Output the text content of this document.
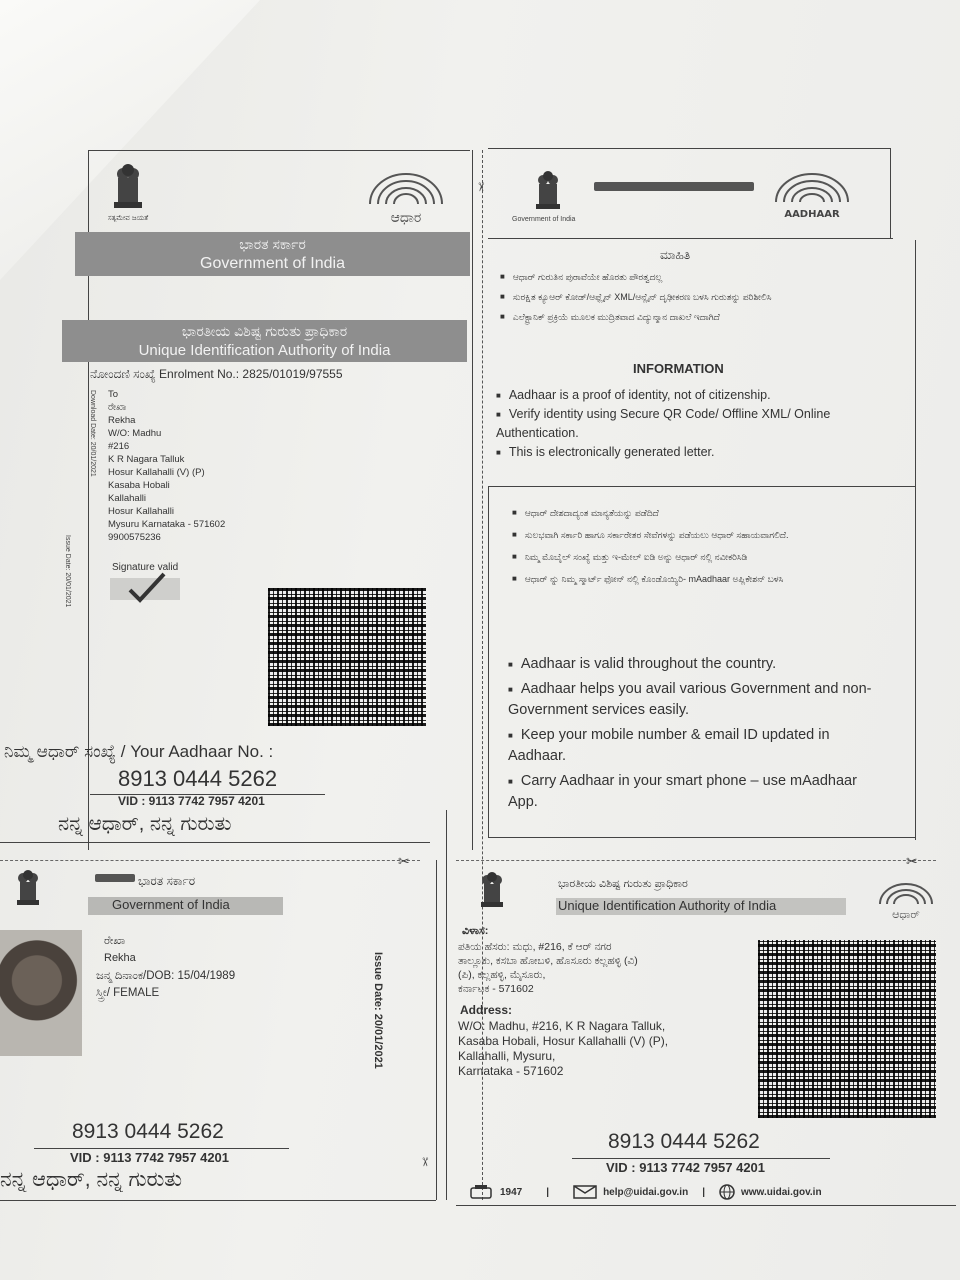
ಸತ್ಯಮೇವ ಜಯತೆ	ಆಧಾರ
ಭಾರತ ಸರ್ಕಾರ
Government of India
ಭಾರತೀಯ ವಿಶಿಷ್ಟ ಗುರುತು ಪ್ರಾಧಿಕಾರ
Unique Identification Authority of India
ನೋಂದಣಿ ಸಂಖ್ಯೆ Enrolment No.: 2825/01019/97555
Download Date: 20/01/2021
Issue Date: 20/01/2021
To
ರೇಖಾ
Rekha
W/O: Madhu
#216
K R Nagara Talluk
Hosur Kallahalli (V) (P)
Kasaba Hobali
Kallahalli
Hosur Kallahalli
Mysuru Karnataka - 571602
9900575236
Signature valid
ನಿಮ್ಮ ಆಧಾರ್ ಸಂಖ್ಯೆ / Your Aadhaar No. :
8913 0444 5262
VID : 9113 7742 7957 4201
ನನ್ನ ಆಧಾರ್, ನನ್ನ ಗುರುತು
Government of India	AADHAAR
ಮಾಹಿತಿ
■ ಆಧಾರ್ ಗುರುತಿನ ಪುರಾವೆಯೇ ಹೊರತು ಪೌರತ್ವದಲ್ಲ
■ ಸುರಕ್ಷಿತ ಕ್ಯೂಆರ್ ಕೋಡ್/ಆಫ್ಲೈನ್ XML/ಆನ್ಲೈನ್ ದೃಢೀಕರಣ ಬಳಸಿ ಗುರುತನ್ನು ಪರಿಶೀಲಿಸಿ
■ ಎಲೆಕ್ಟ್ರಾನಿಕ್ ಪ್ರಕ್ರಿಯೆ ಮೂಲಕ ಮುದ್ರಿತವಾದ ವಿದ್ಯುನ್ಮಾನ ದಾಖಲೆ ಇದಾಗಿದೆ
INFORMATION
■ Aadhaar is a proof of identity, not of citizenship.
■ Verify identity using Secure QR Code/ Offline XML/ Online Authentication.
■ This is electronically generated letter.
■ ಆಧಾರ್ ದೇಶದಾದ್ಯಂತ ಮಾನ್ಯತೆಯನ್ನು ಪಡೆದಿದೆ
■ ಸುಲಭವಾಗಿ ಸರ್ಕಾರಿ ಹಾಗೂ ಸರ್ಕಾರೇತರ ಸೇವೆಗಳನ್ನು ಪಡೆಯಲು ಆಧಾರ್ ಸಹಾಯವಾಗಲಿದೆ.
■ ನಿಮ್ಮ ಮೊಬೈಲ್ ಸಂಖ್ಯೆ ಮತ್ತು ಇ-ಮೇಲ್ ಐಡಿ ಅನ್ನು ಆಧಾರ್ ನಲ್ಲಿ ನವೀಕರಿಸಿಡಿ
■ ಆಧಾರ್ ನ್ನು ನಿಮ್ಮ ಸ್ಮಾರ್ಟ್ ಫೋನ್ ನಲ್ಲಿ ಕೊಂಡೊಯ್ಯಿರಿ- mAadhaar ಅಪ್ಲಿಕೇಶನ್ ಬಳಸಿ
■ Aadhaar is valid throughout the country.
■ Aadhaar helps you avail various Government and non-Government services easily.
■ Keep your mobile number & email ID updated in Aadhaar.
■ Carry Aadhaar in your smart phone – use mAadhaar App.
ಭಾರತ ಸರ್ಕಾರ
Government of India
ರೇಖಾ
Rekha
ಜನ್ಮ ದಿನಾಂಕ/DOB: 15/04/1989
ಸ್ತ್ರೀ/ FEMALE	Issue Date: 20/01/2021
8913 0444 5262
VID : 9113 7742 7957 4201
ನನ್ನ ಆಧಾರ್, ನನ್ನ ಗುರುತು
ಭಾರತೀಯ ವಿಶಿಷ್ಟ ಗುರುತು ಪ್ರಾಧಿಕಾರ
Unique Identification Authority of India
ಆಧಾರ್
ವಿಳಾಸ:
ಪತಿಯ ಹೆಸರು: ಮಧು, #216, ಕೆ ಆರ್ ನಗರ
ತಾಲ್ಲೂಕು, ಕಸಬಾ ಹೋಬಳಿ, ಹೊಸೂರು ಕಲ್ಲಹಳ್ಳಿ (ವಿ)
(ಪಿ), ಕಲ್ಲಹಳ್ಳಿ, ಮೈಸೂರು,
ಕರ್ನಾಟಕ - 571602
Address:
W/O: Madhu, #216, K R Nagara Talluk,
Kasaba Hobali, Hosur Kallahalli (V) (P),
Kallahalli, Mysuru,
Karnataka - 571602
8913 0444 5262
VID : 9113 7742 7957 4201
1947 |	help@uidai.gov.in |	www.uidai.gov.in
✂	✂
✂
✂
